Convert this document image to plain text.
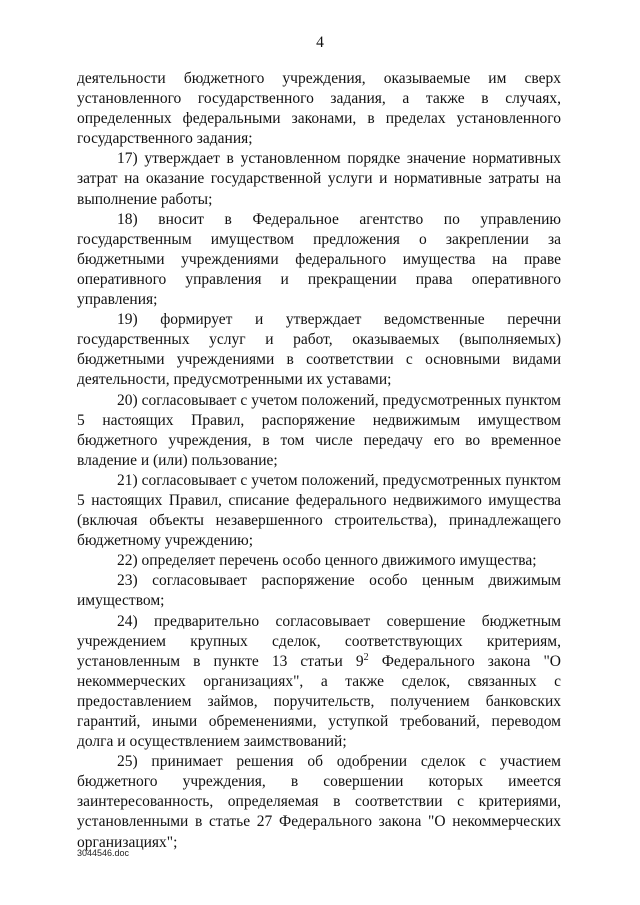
4

деятельности бюджетного учреждения, оказываемые им сверх установленного государственного задания, а также в случаях, определенных федеральными законами, в пределах установленного государственного задания;

17) утверждает в установленном порядке значение нормативных затрат на оказание государственной услуги и нормативные затраты на выполнение работы;

18) вносит в Федеральное агентство по управлению государственным имуществом предложения о закреплении за бюджетными учреждениями федерального имущества на праве оперативного управления и прекращении права оперативного управления;

19) формирует и утверждает ведомственные перечни государственных услуг и работ, оказываемых (выполняемых) бюджетными учреждениями в соответствии с основными видами деятельности, предусмотренными их уставами;

20) согласовывает с учетом положений, предусмотренных пунктом 5 настоящих Правил, распоряжение недвижимым имуществом бюджетного учреждения, в том числе передачу его во временное владение и (или) пользование;

21) согласовывает с учетом положений, предусмотренных пунктом 5 настоящих Правил, списание федерального недвижимого имущества (включая объекты незавершенного строительства), принадлежащего бюджетному учреждению;

22) определяет перечень особо ценного движимого имущества;

23) согласовывает распоряжение особо ценным движимым имуществом;

24) предварительно согласовывает совершение бюджетным учреждением крупных сделок, соответствующих критериям, установленным в пункте 13 статьи $9^2$ Федерального закона "О некоммерческих организациях", а также сделок, связанных с предоставлением займов, поручительств, получением банковских гарантий, иными обременениями, уступкой требований, переводом долга и осуществлением заимствований;

25) принимает решения об одобрении сделок с участием бюджетного учреждения, в совершении которых имеется заинтересованность, определяемая в соответствии с критериями, установленными в статье 27 Федерального закона "О некоммерческих организациях";

3044546.doc
